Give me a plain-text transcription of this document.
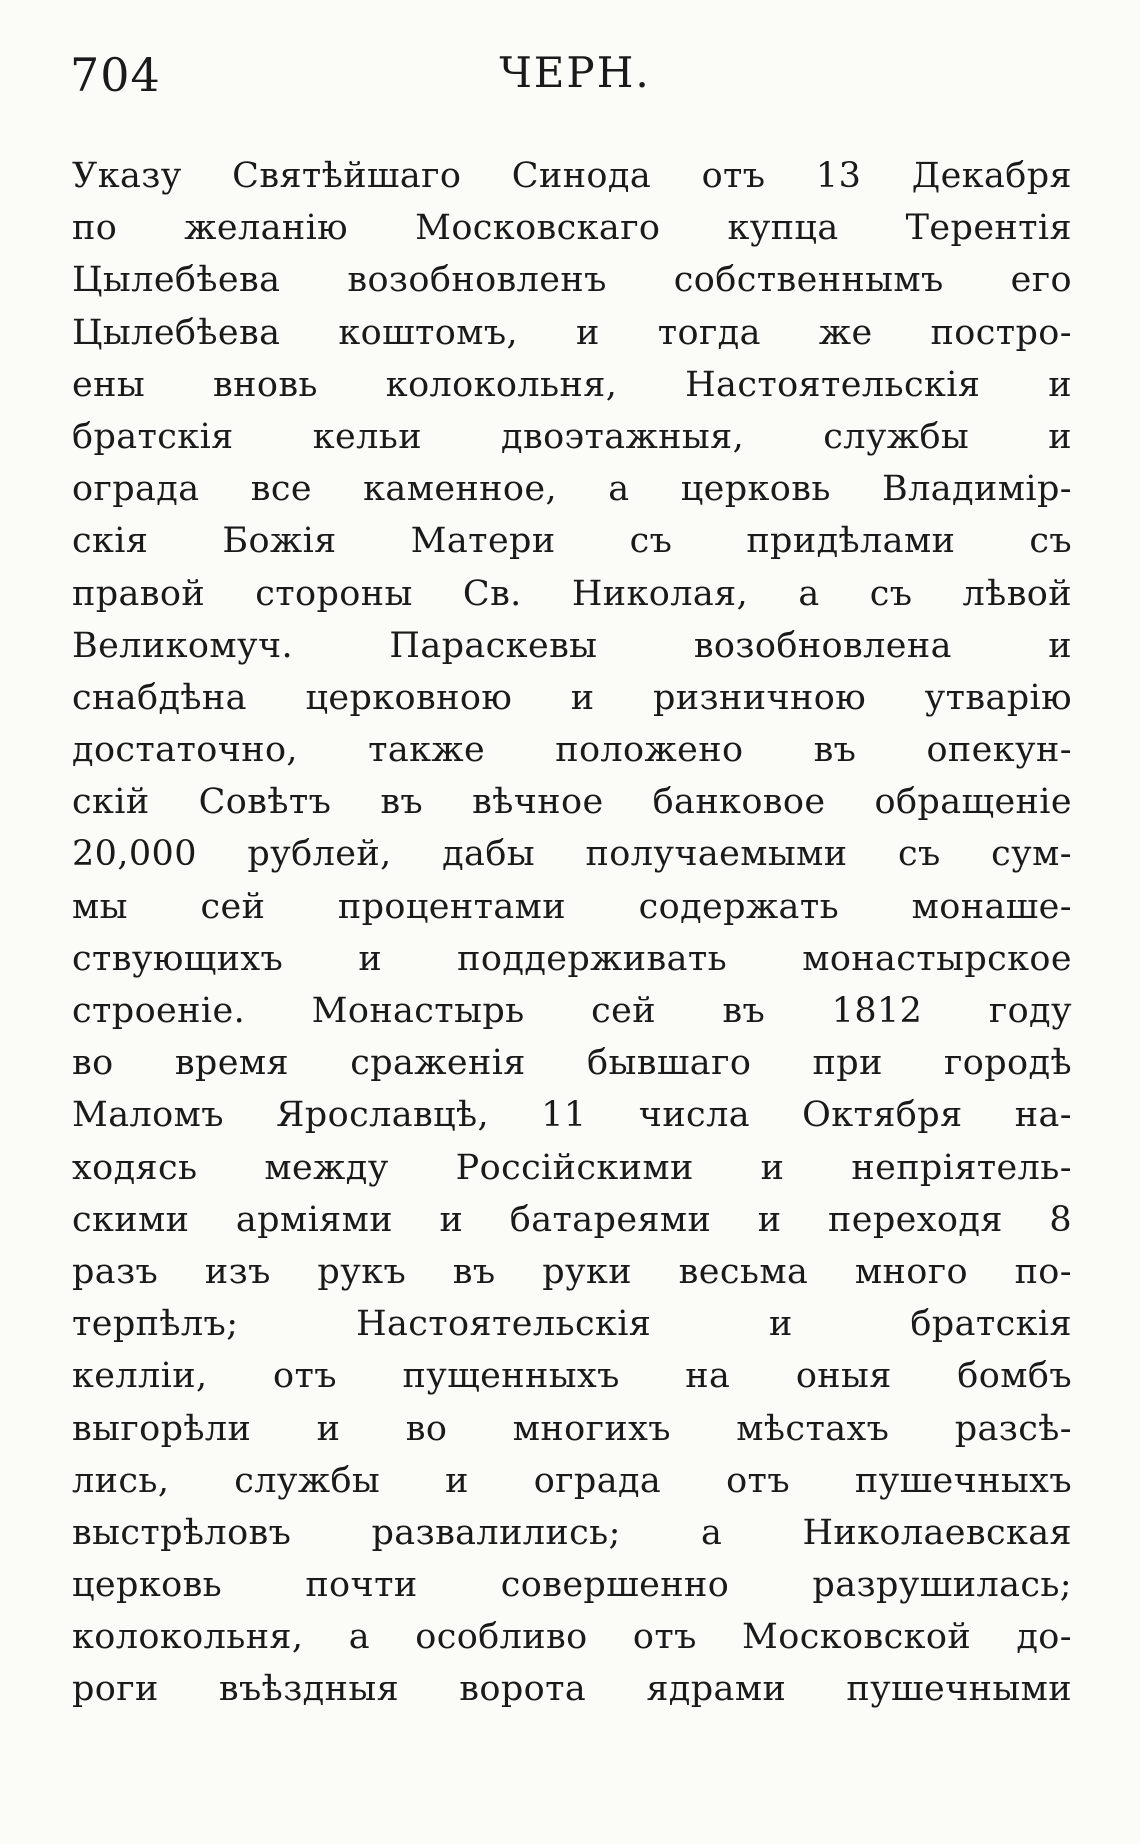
704	ЧЕРН.
Указу Святѣйшаго Синода отъ 13 Декабря
по желанію Московскаго купца Терентія
Цылебѣева возобновленъ собственнымъ его
Цылебѣева коштомъ, и тогда же постро-
ены вновь колокольня, Настоятельскія и
братскія кельи двоэтажныя, службы и
ограда все каменное, а церковь Владимір-
скія Божія Матери съ придѣлами съ
правой стороны Св. Николая, а съ лѣвой
Великомуч. Параскевы возобновлена и
снабдѣна церковною и ризничною утварію
достаточно, также положено въ опекун-
скій Совѣтъ въ вѣчное банковое обращеніе
20,000 рублей, дабы получаемыми съ сум-
мы сей процентами содержать монаше-
ствующихъ и поддерживать монастырское
строеніе. Монастырь сей въ 1812 году
во время сраженія бывшаго при городѣ
Маломъ Ярославцѣ, 11 числа Октября на-
ходясь между Россійскими и непріятель-
скими арміями и батареями и переходя 8
разъ изъ рукъ въ руки весьма много по-
терпѣлъ; Настоятельскія и братскія
келліи, отъ пущенныхъ на оныя бомбъ
выгорѣли и во многихъ мѣстахъ разсѣ-
лись, службы и ограда отъ пушечныхъ
выстрѣловъ развалились; а Николаевская
церковь почти совершенно разрушилась;
колокольня, а особливо отъ Московской до-
роги въѣздныя ворота ядрами пушечными
